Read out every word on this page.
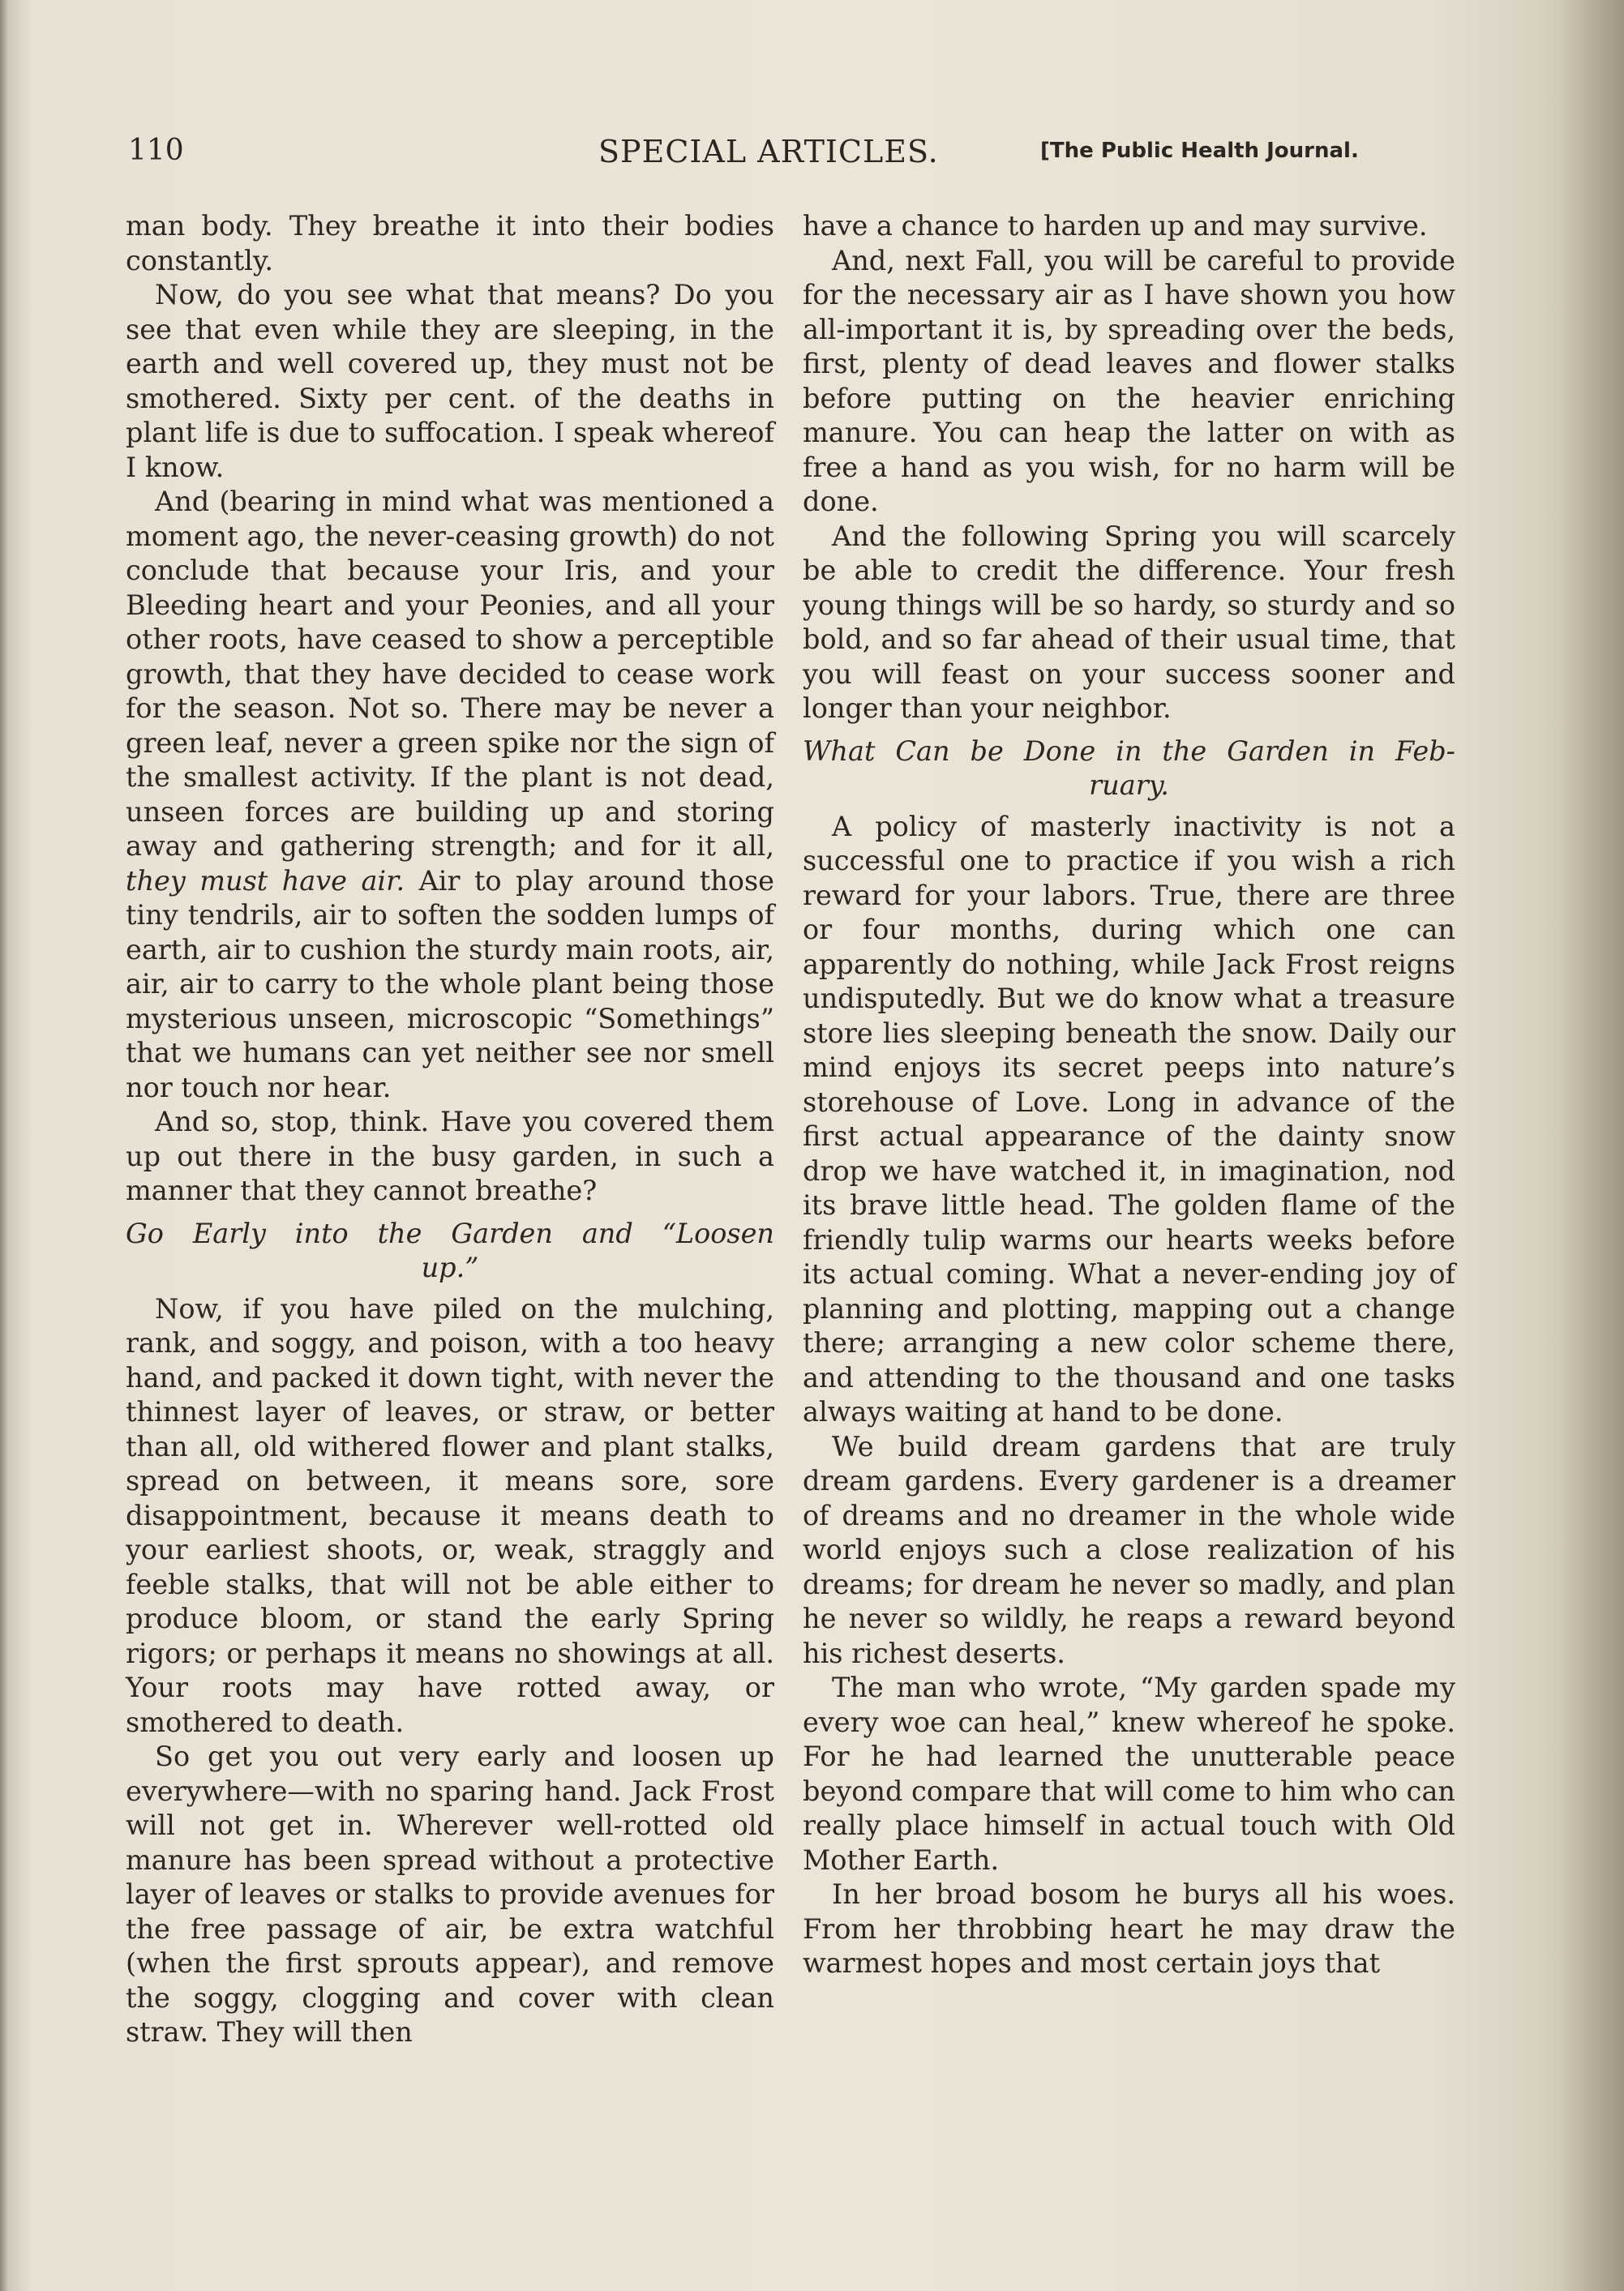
110	SPECIAL ARTICLES.	[The Public Health Journal.

man body. They breathe it into their bodies constantly.

Now, do you see what that means? Do you see that even while they are sleeping, in the earth and well covered up, they must not be smothered. Sixty per cent. of the deaths in plant life is due to suffocation. I speak whereof I know.

And (bearing in mind what was mentioned a moment ago, the never-ceasing growth) do not conclude that because your Iris, and your Bleeding heart and your Peonies, and all your other roots, have ceased to show a perceptible growth, that they have decided to cease work for the season. Not so. There may be never a green leaf, never a green spike nor the sign of the smallest activity. If the plant is not dead, unseen forces are building up and storing away and gathering strength; and for it all, they must have air. Air to play around those tiny tendrils, air to soften the sodden lumps of earth, air to cushion the sturdy main roots, air, air, air to carry to the whole plant being those mysterious unseen, microscopic “Somethings” that we humans can yet neither see nor smell nor touch nor hear.

And so, stop, think. Have you covered them up out there in the busy garden, in such a manner that they cannot breathe?

Go Early into the Garden and “Loosen
up.”

Now, if you have piled on the mulching, rank, and soggy, and poison, with a too heavy hand, and packed it down tight, with never the thinnest layer of leaves, or straw, or better than all, old withered flower and plant stalks, spread on between, it means sore, sore disappointment, because it means death to your earliest shoots, or, weak, straggly and feeble stalks, that will not be able either to produce bloom, or stand the early Spring rigors; or perhaps it means no showings at all. Your roots may have rotted away, or smothered to death.

So get you out very early and loosen up everywhere—with no sparing hand. Jack Frost will not get in. Wherever well-rotted old manure has been spread without a protective layer of leaves or stalks to provide avenues for the free passage of air, be extra watchful (when the first sprouts appear), and remove the soggy, clogging and cover with clean straw. They will then

have a chance to harden up and may survive.

And, next Fall, you will be careful to provide for the necessary air as I have shown you how all-important it is, by spreading over the beds, first, plenty of dead leaves and flower stalks before putting on the heavier enriching manure. You can heap the latter on with as free a hand as you wish, for no harm will be done.

And the following Spring you will scarcely be able to credit the difference. Your fresh young things will be so hardy, so sturdy and so bold, and so far ahead of their usual time, that you will feast on your success sooner and longer than your neighbor.

What Can be Done in the Garden in Feb-
ruary.

A policy of masterly inactivity is not a successful one to practice if you wish a rich reward for your labors. True, there are three or four months, during which one can apparently do nothing, while Jack Frost reigns undisputedly. But we do know what a treasure store lies sleeping beneath the snow. Daily our mind enjoys its secret peeps into nature’s storehouse of Love. Long in advance of the first actual appearance of the dainty snow drop we have watched it, in imagination, nod its brave little head. The golden flame of the friendly tulip warms our hearts weeks before its actual coming. What a never-ending joy of planning and plotting, mapping out a change there; arranging a new color scheme there, and attending to the thousand and one tasks always waiting at hand to be done.

We build dream gardens that are truly dream gardens. Every gardener is a dreamer of dreams and no dreamer in the whole wide world enjoys such a close realization of his dreams; for dream he never so madly, and plan he never so wildly, he reaps a reward beyond his richest deserts.

The man who wrote, “My garden spade my every woe can heal,” knew whereof he spoke. For he had learned the unutterable peace beyond compare that will come to him who can really place himself in actual touch with Old Mother Earth.

In her broad bosom he burys all his woes. From her throbbing heart he may draw the warmest hopes and most certain joys that
